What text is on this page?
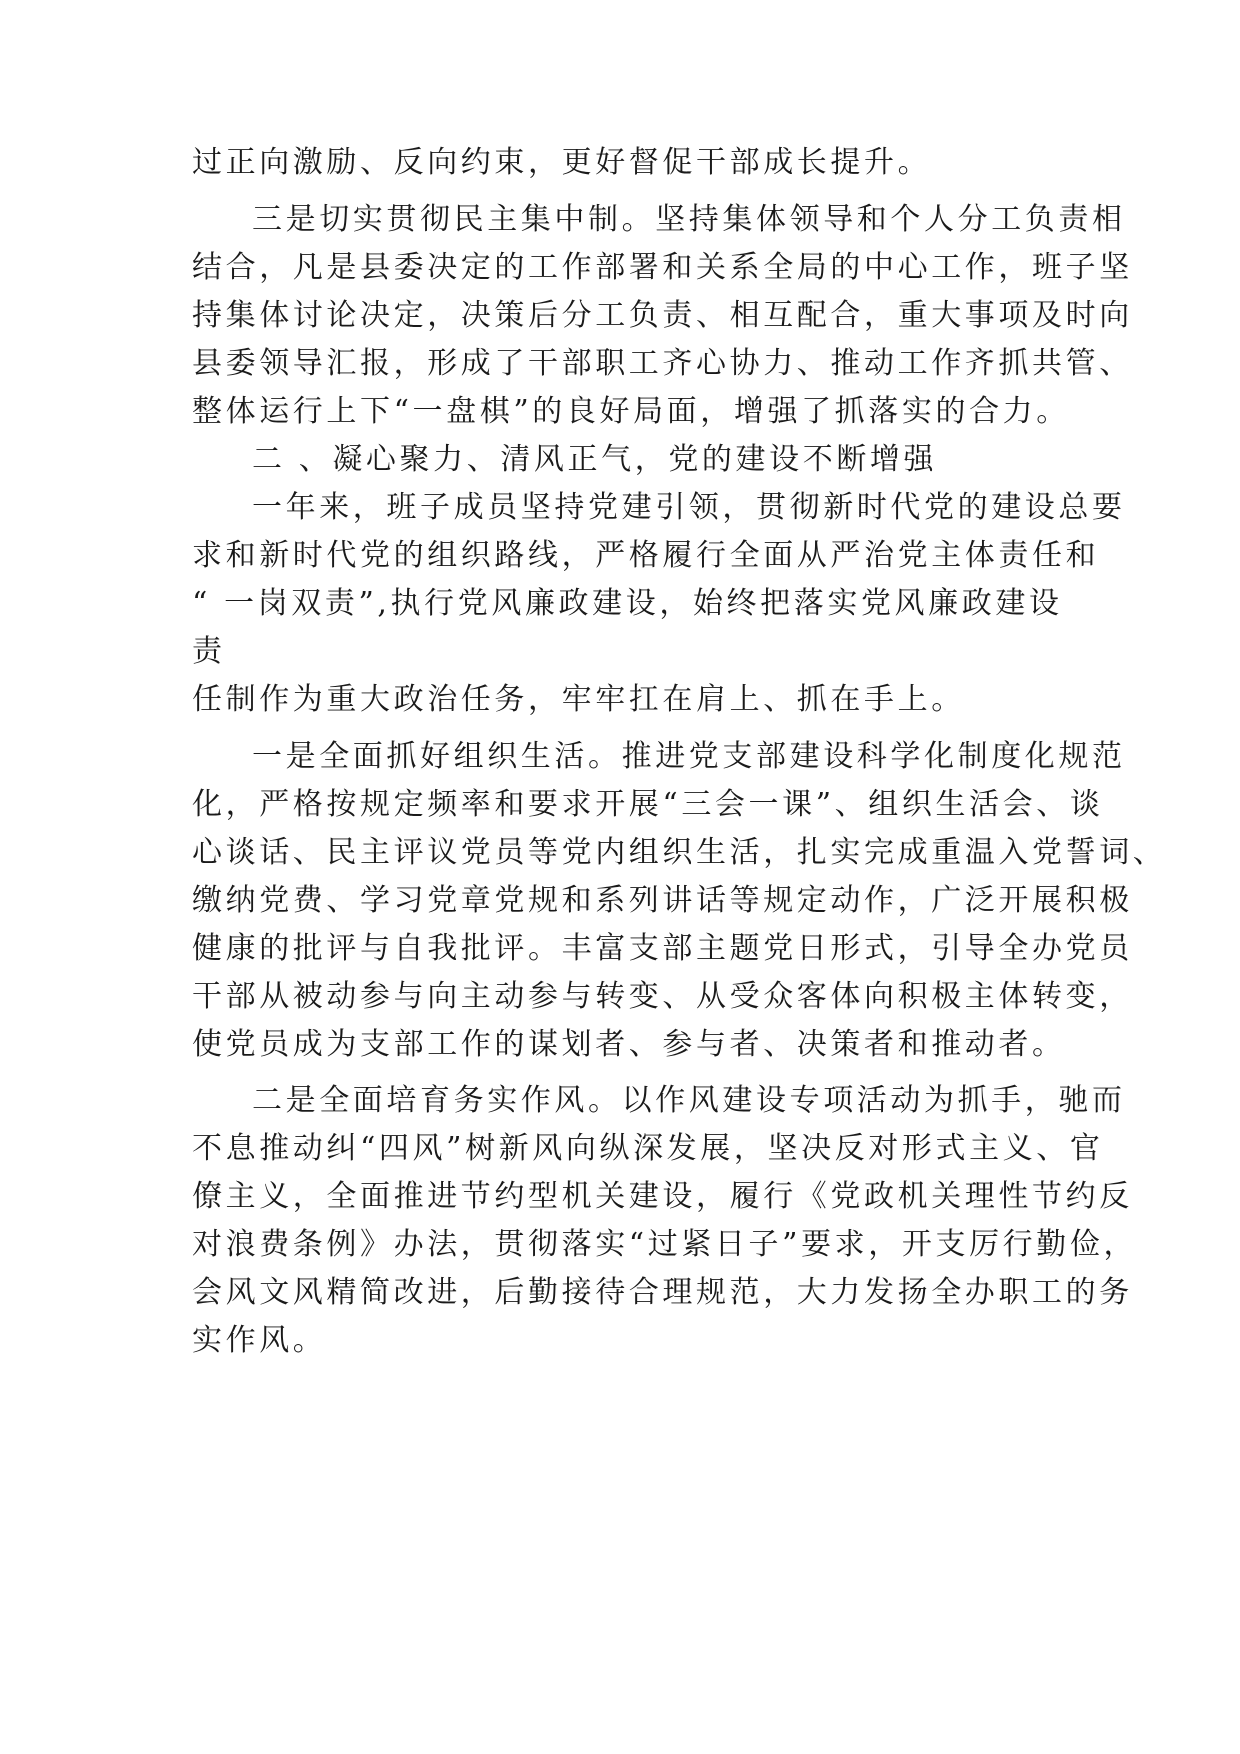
过正向激励、反向约束，更好督促干部成长提升。
三是切实贯彻民主集中制。坚持集体领导和个人分工负责相
结合，凡是县委决定的工作部署和关系全局的中心工作，班子坚
持集体讨论决定，决策后分工负责、相互配合，重大事项及时向
县委领导汇报，形成了干部职工齐心协力、推动工作齐抓共管、
整体运行上下“一盘棋”的良好局面，增强了抓落实的合力。
二 、凝心聚力、清风正气，党的建设不断增强
一年来，班子成员坚持党建引领，贯彻新时代党的建设总要
求和新时代党的组织路线，严格履行全面从严治党主体责任和
“ 一岗双责”,执行党风廉政建设，始终把落实党风廉政建设
责
任制作为重大政治任务，牢牢扛在肩上、抓在手上。
一是全面抓好组织生活。推进党支部建设科学化制度化规范
化，严格按规定频率和要求开展“三会一课”、组织生活会、谈
心谈话、民主评议党员等党内组织生活，扎实完成重温入党誓词、
缴纳党费、学习党章党规和系列讲话等规定动作，广泛开展积极
健康的批评与自我批评。丰富支部主题党日形式，引导全办党员
干部从被动参与向主动参与转变、从受众客体向积极主体转变，
使党员成为支部工作的谋划者、参与者、决策者和推动者。
二是全面培育务实作风。以作风建设专项活动为抓手，驰而
不息推动纠“四风”树新风向纵深发展，坚决反对形式主义、官
僚主义，全面推进节约型机关建设，履行《党政机关理性节约反
对浪费条例》办法，贯彻落实“过紧日子”要求，开支厉行勤俭，
会风文风精简改进，后勤接待合理规范，大力发扬全办职工的务
实作风。
